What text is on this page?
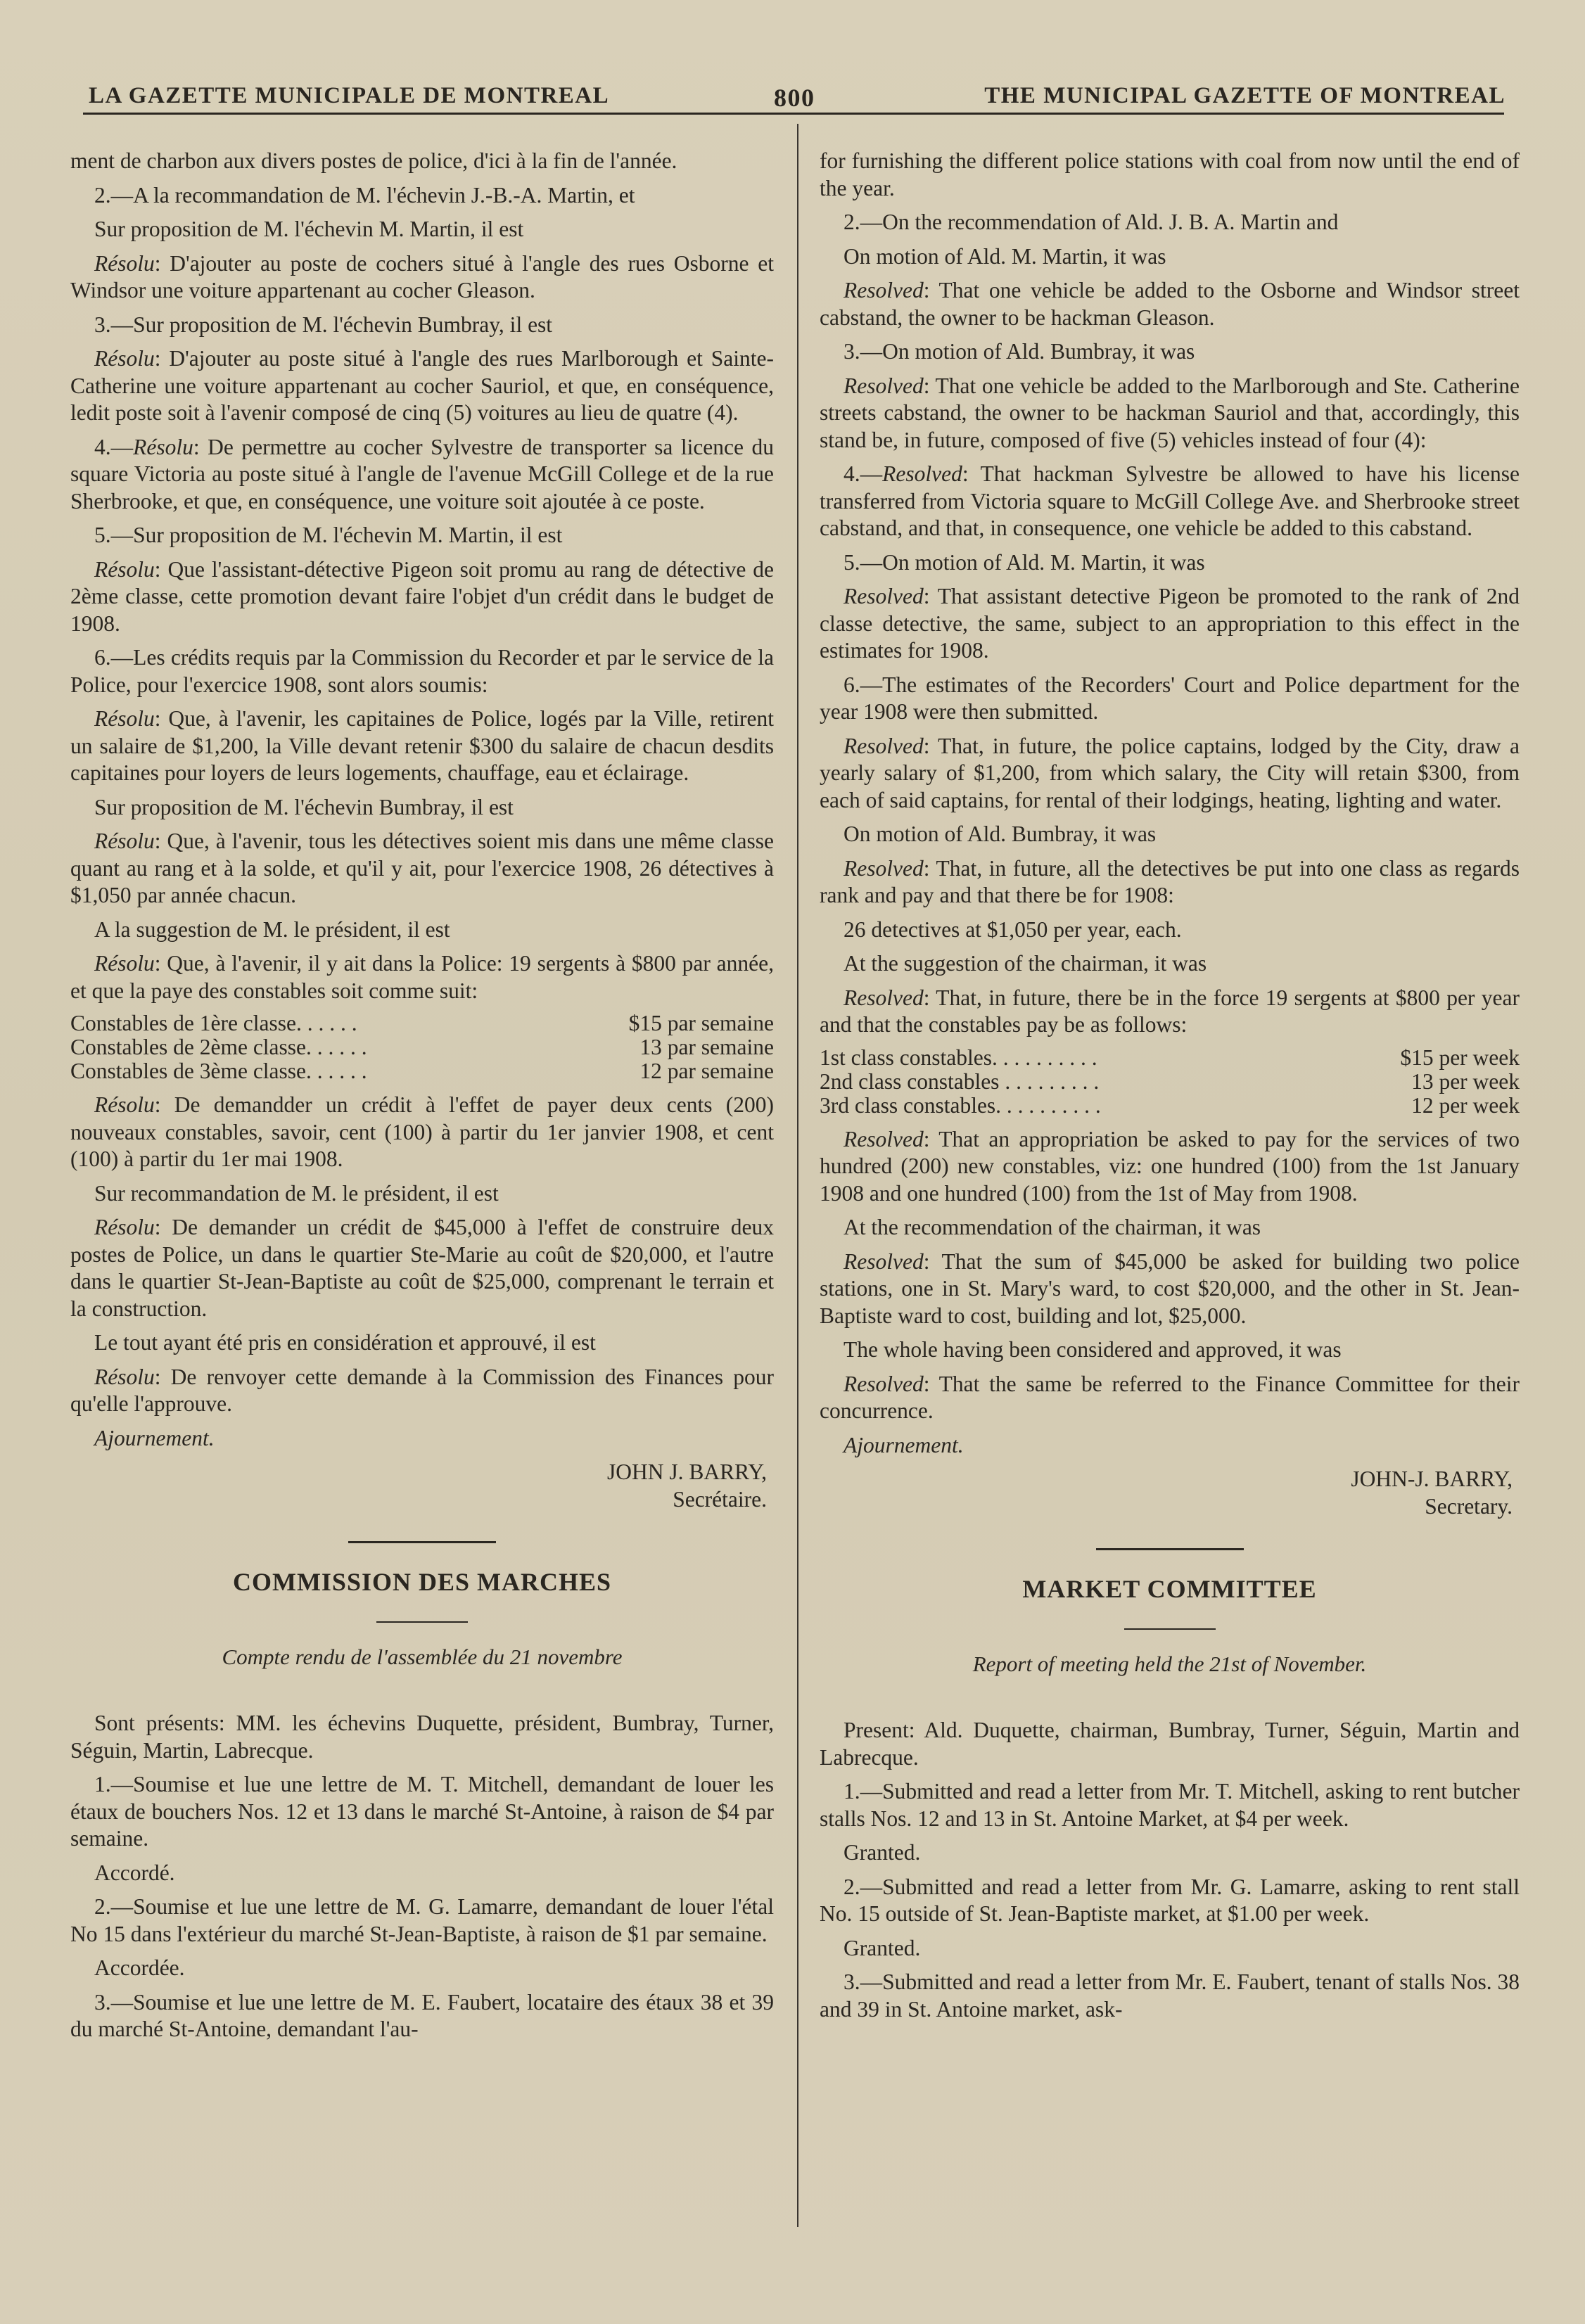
LA GAZETTE MUNICIPALE DE MONTREAL	800	THE MUNICIPAL GAZETTE OF MONTREAL

ment de charbon aux divers postes de police, d'ici à la fin de l'année.

2.—A la recommandation de M. l'échevin J.-B.-A. Martin, et

Sur proposition de M. l'échevin M. Martin, il est

Résolu: D'ajouter au poste de cochers situé à l'angle des rues Osborne et Windsor une voiture appartenant au cocher Gleason.

3.—Sur proposition de M. l'échevin Bumbray, il est

Résolu: D'ajouter au poste situé à l'angle des rues Marlborough et Sainte-Catherine une voiture appartenant au cocher Sauriol, et que, en conséquence, ledit poste soit à l'avenir composé de cinq (5) voitures au lieu de quatre (4).

4.—Résolu: De permettre au cocher Sylvestre de transporter sa licence du square Victoria au poste situé à l'angle de l'avenue McGill College et de la rue Sherbrooke, et que, en conséquence, une voiture soit ajoutée à ce poste.

5.—Sur proposition de M. l'échevin M. Martin, il est

Résolu: Que l'assistant-détective Pigeon soit promu au rang de détective de 2ème classe, cette promotion devant faire l'objet d'un crédit dans le budget de 1908.

6.—Les crédits requis par la Commission du Recorder et par le service de la Police, pour l'exercice 1908, sont alors soumis:

Résolu: Que, à l'avenir, les capitaines de Police, logés par la Ville, retirent un salaire de $1,200, la Ville devant retenir $300 du salaire de chacun desdits capitaines pour loyers de leurs logements, chauffage, eau et éclairage.

Sur proposition de M. l'échevin Bumbray, il est

Résolu: Que, à l'avenir, tous les détectives soient mis dans une même classe quant au rang et à la solde, et qu'il y ait, pour l'exercice 1908, 26 détectives à $1,050 par année chacun.

A la suggestion de M. le président, il est

Résolu: Que, à l'avenir, il y ait dans la Police: 19 sergents à $800 par année, et que la paye des constables soit comme suit:

Constables de 1ère classe. . . . . .	$15 par semaine
Constables de 2ème classe. . . . . .	13 par semaine
Constables de 3ème classe. . . . . .	12 par semaine

Résolu: De demandder un crédit à l'effet de payer deux cents (200) nouveaux constables, savoir, cent (100) à partir du 1er janvier 1908, et cent (100) à partir du 1er mai 1908.

Sur recommandation de M. le président, il est

Résolu: De demander un crédit de $45,000 à l'effet de construire deux postes de Police, un dans le quartier Ste-Marie au coût de $20,000, et l'autre dans le quartier St-Jean-Baptiste au coût de $25,000, comprenant le terrain et la construction.

Le tout ayant été pris en considération et approuvé, il est

Résolu: De renvoyer cette demande à la Commission des Finances pour qu'elle l'approuve.

Ajournement.

JOHN J. BARRY,
Secrétaire.
COMMISSION DES MARCHES
Compte rendu de l'assemblée du 21 novembre

Sont présents: MM. les échevins Duquette, président, Bumbray, Turner, Séguin, Martin, Labrecque.

1.—Soumise et lue une lettre de M. T. Mitchell, demandant de louer les étaux de bouchers Nos. 12 et 13 dans le marché St-Antoine, à raison de $4 par semaine.

Accordé.

2.—Soumise et lue une lettre de M. G. Lamarre, demandant de louer l'étal No 15 dans l'extérieur du marché St-Jean-Baptiste, à raison de $1 par semaine.

Accordée.

3.—Soumise et lue une lettre de M. E. Faubert, locataire des étaux 38 et 39 du marché St-Antoine, demandant l'au-

for furnishing the different police stations with coal from now until the end of the year.

2.—On the recommendation of Ald. J. B. A. Martin and

On motion of Ald. M. Martin, it was

Resolved: That one vehicle be added to the Osborne and Windsor street cabstand, the owner to be hackman Gleason.

3.—On motion of Ald. Bumbray, it was

Resolved: That one vehicle be added to the Marlborough and Ste. Catherine streets cabstand, the owner to be hackman Sauriol and that, accordingly, this stand be, in future, composed of five (5) vehicles instead of four (4):

4.—Resolved: That hackman Sylvestre be allowed to have his license transferred from Victoria square to McGill College Ave. and Sherbrooke street cabstand, and that, in consequence, one vehicle be added to this cabstand.

5.—On motion of Ald. M. Martin, it was

Resolved: That assistant detective Pigeon be promoted to the rank of 2nd classe detective, the same, subject to an appropriation to this effect in the estimates for 1908.

6.—The estimates of the Recorders' Court and Police department for the year 1908 were then submitted.

Resolved: That, in future, the police captains, lodged by the City, draw a yearly salary of $1,200, from which salary, the City will retain $300, from each of said captains, for rental of their lodgings, heating, lighting and water.

On motion of Ald. Bumbray, it was

Resolved: That, in future, all the detectives be put into one class as regards rank and pay and that there be for 1908:

26 detectives at $1,050 per year, each.

At the suggestion of the chairman, it was

Resolved: That, in future, there be in the force 19 sergents at $800 per year and that the constables pay be as follows:

1st class constables. . . . . . . . . .	$15 per week
2nd class constables . . . . . . . . .	13 per week
3rd class constables. . . . . . . . . .	12 per week

Resolved: That an appropriation be asked to pay for the services of two hundred (200) new constables, viz: one hundred (100) from the 1st January 1908 and one hundred (100) from the 1st of May from 1908.

At the recommendation of the chairman, it was

Resolved: That the sum of $45,000 be asked for building two police stations, one in St. Mary's ward, to cost $20,000, and the other in St. Jean-Baptiste ward to cost, building and lot, $25,000.

The whole having been considered and approved, it was

Resolved: That the same be referred to the Finance Committee for their concurrence.

Ajournement.

JOHN-J. BARRY,
Secretary.
MARKET COMMITTEE
Report of meeting held the 21st of November.

Present: Ald. Duquette, chairman, Bumbray, Turner, Séguin, Martin and Labrecque.

1.—Submitted and read a letter from Mr. T. Mitchell, asking to rent butcher stalls Nos. 12 and 13 in St. Antoine Market, at $4 per week.

Granted.

2.—Submitted and read a letter from Mr. G. Lamarre, asking to rent stall No. 15 outside of St. Jean-Baptiste market, at $1.00 per week.

Granted.

3.—Submitted and read a letter from Mr. E. Faubert, tenant of stalls Nos. 38 and 39 in St. Antoine market, ask-
